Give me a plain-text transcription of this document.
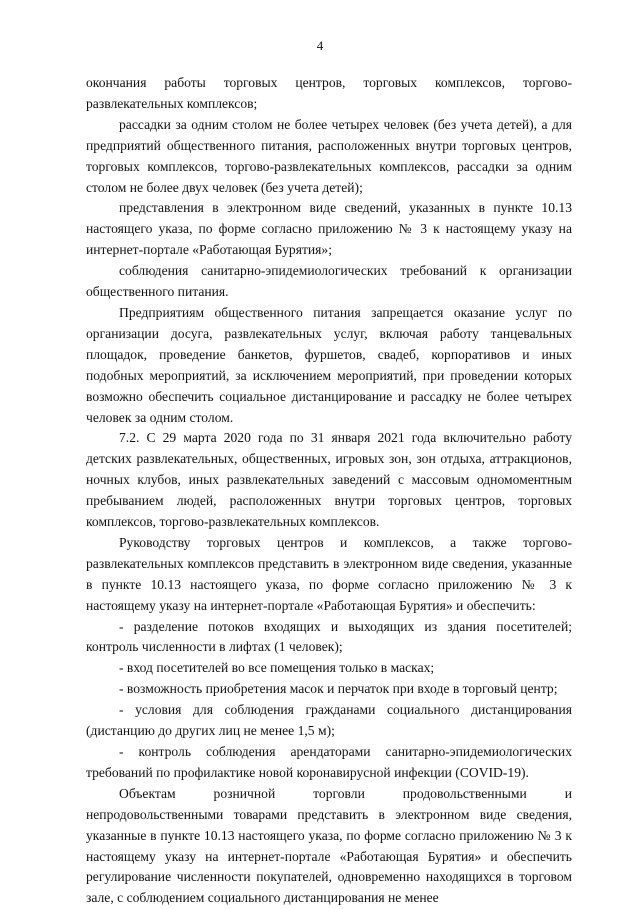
4

окончания работы торговых центров, торговых комплексов, торгово-развлекательных комплексов;

рассадки за одним столом не более четырех человек (без учета детей), а для предприятий общественного питания, расположенных внутри торговых центров, торговых комплексов, торгово-развлекательных комплексов, рассадки за одним столом не более двух человек (без учета детей);

представления в электронном виде сведений, указанных в пункте 10.13 настоящего указа, по форме согласно приложению № 3 к настоящему указу на интернет-портале «Работающая Бурятия»;

соблюдения санитарно-эпидемиологических требований к организации общественного питания.

Предприятиям общественного питания запрещается оказание услуг по организации досуга, развлекательных услуг, включая работу танцевальных площадок, проведение банкетов, фуршетов, свадеб, корпоративов и иных подобных мероприятий, за исключением мероприятий, при проведении которых возможно обеспечить социальное дистанцирование и рассадку не более четырех человек за одним столом.

7.2. С 29 марта 2020 года по 31 января 2021 года включительно работу детских развлекательных, общественных, игровых зон, зон отдыха, аттракционов, ночных клубов, иных развлекательных заведений с массовым одномоментным пребыванием людей, расположенных внутри торговых центров, торговых комплексов, торгово-развлекательных комплексов.

Руководству торговых центров и комплексов, а также торгово-развлекательных комплексов представить в электронном виде сведения, указанные в пункте 10.13 настоящего указа, по форме согласно приложению № 3 к настоящему указу на интернет-портале «Работающая Бурятия» и обеспечить:

- разделение потоков входящих и выходящих из здания посетителей; контроль численности в лифтах (1 человек);

- вход посетителей во все помещения только в масках;

- возможность приобретения масок и перчаток при входе в торговый центр;

- условия для соблюдения гражданами социального дистанцирования (дистанцию до других лиц не менее 1,5 м);

- контроль соблюдения арендаторами санитарно-эпидемиологических требований по профилактике новой коронавирусной инфекции (COVID-19).

Объектам розничной торговли продовольственными и непродовольственными товарами представить в электронном виде сведения, указанные в пункте 10.13 настоящего указа, по форме согласно приложению № 3 к настоящему указу на интернет-портале «Работающая Бурятия» и обеспечить регулирование численности покупателей, одновременно находящихся в торговом зале, с соблюдением социального дистанцирования не менее
